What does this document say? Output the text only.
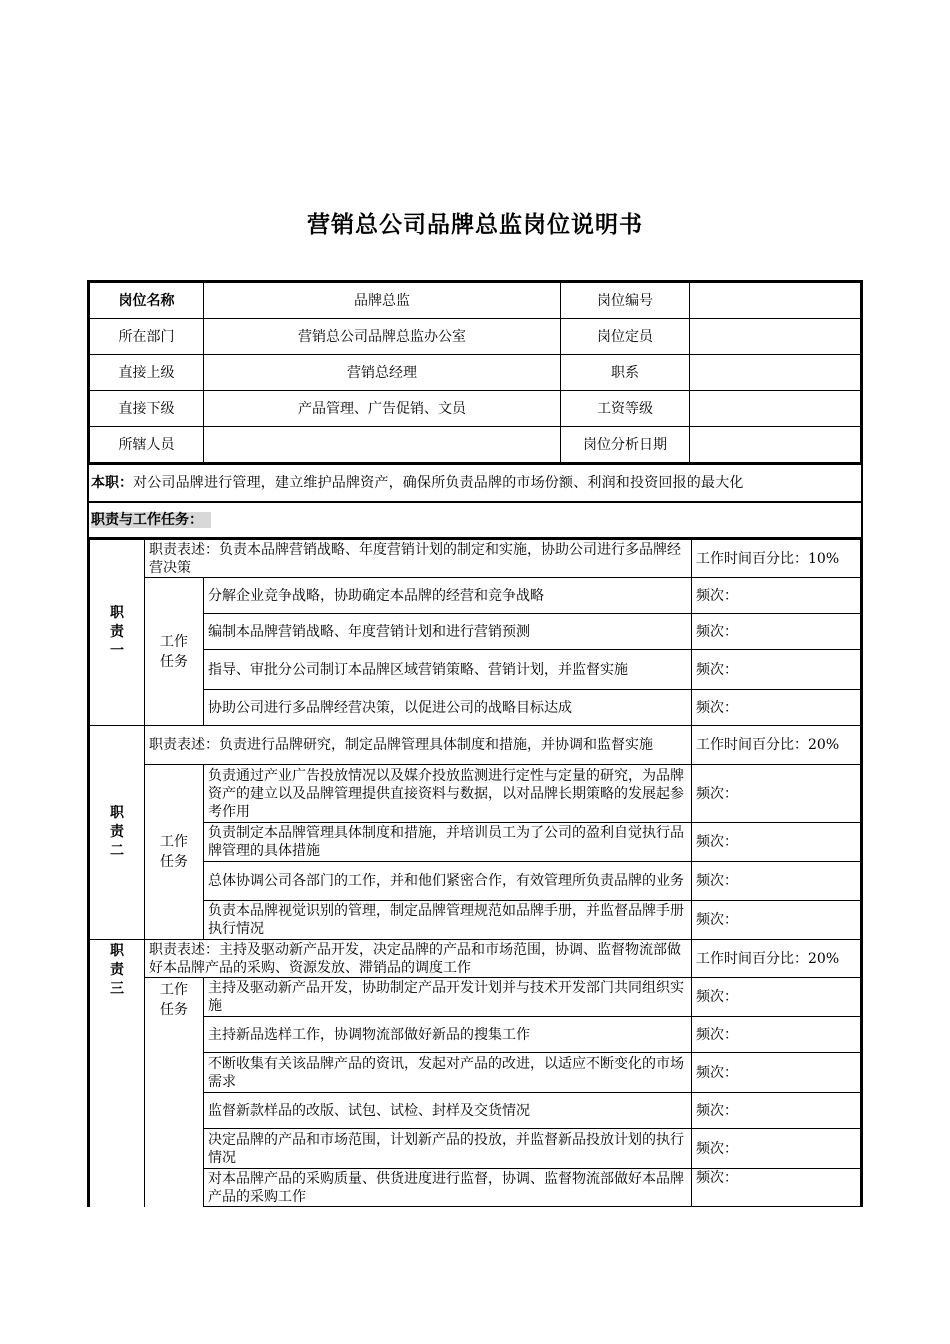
营销总公司品牌总监岗位说明书
岗位名称	品牌总监	岗位编号	
所在部门	营销总公司品牌总监办公室	岗位定员	
直接上级	营销总经理	职系	
直接下级	产品管理、广告促销、文员	工资等级	
所辖人员		岗位分析日期	
本职：对公司品牌进行管理，建立维护品牌资产，确保所负责品牌的市场份额、利润和投资回报的最大化
职责与工作任务：
职责一	职责表述：负责本品牌营销战略、年度营销计划的制定和实施，协助公司进行多品牌经营决策		工作时间百分比：10%

	工作任务	分解企业竞争战略，协助确定本品牌的经营和竞争战略	频次：
		编制本品牌营销战略、年度营销计划和进行营销预测	频次：
		指导、审批分公司制订本品牌区域营销策略、营销计划，并监督实施	频次：
		协助公司进行多品牌经营决策，以促进公司的战略目标达成	频次：

职责二	职责表述：负责进行品牌研究，制定品牌管理具体制度和措施，并协调和监督实施		工作时间百分比：20%

	工作任务	负责通过产业广告投放情况以及媒介投放监测进行定性与定量的研究，为品牌资产的建立以及品牌管理提供直接资料与数据，以对品牌长期策略的发展起参考作用	频次：
		负责制定本品牌管理具体制度和措施，并培训员工为了公司的盈利自觉执行品牌管理的具体措施	频次：
		总体协调公司各部门的工作，并和他们紧密合作，有效管理所负责品牌的业务	频次：
		负责本品牌视觉识别的管理，制定品牌管理规范如品牌手册，并监督品牌手册执行情况	频次：

职责三	职责表述：主持及驱动新产品开发，决定品牌的产品和市场范围，协调、监督物流部做好本品牌产品的采购、资源发放、滞销品的调度工作		工作时间百分比：20%

	工作任务	主持及驱动新产品开发，协助制定产品开发计划并与技术开发部门共同组织实施	频次：
		主持新品选样工作，协调物流部做好新品的搜集工作	频次：
		不断收集有关该品牌产品的资讯，发起对产品的改进，以适应不断变化的市场需求	频次：
		监督新款样品的改版、试包、试检、封样及交货情况	频次：
		决定品牌的产品和市场范围，计划新产品的投放，并监督新品投放计划的执行情况	频次：
		对本品牌产品的采购质量、供货进度进行监督，协调、监督物流部做好本品牌产品的采购工作	频次：
